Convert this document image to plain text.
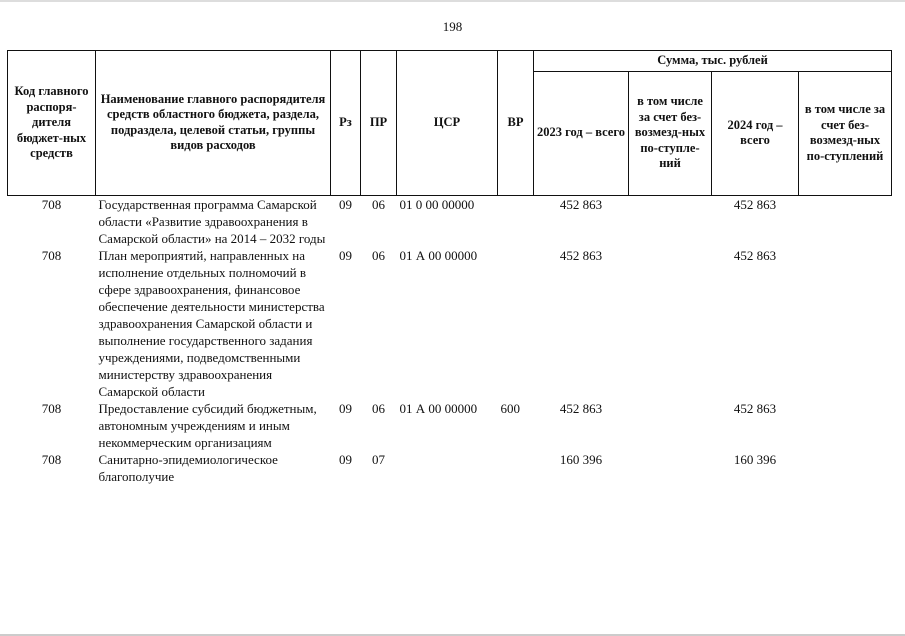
198
Код главного распоря-дителя бюджет-ных средств	Наименование главного распорядителя средств областного бюджета, раздела, подраздела, целевой статьи, группы видов расходов	Рз	ПР	ЦСР	ВР	Сумма, тыс. рублей			
						2023 год – всего	в том числе за счет без-возмезд-ных по-ступле-ний	2024 год – всего	в том числе за счет без-возмезд-ных по-ступлений
708	Государственная программа Самарской области «Развитие здравоохранения в Самарской области» на 2014 – 2032 годы	09	06	01 0 00 00000		452 863		452 863	
708	План мероприятий, направленных на исполнение отдельных полномочий в сфере здравоохранения, финансовое обеспечение деятельности министерства здравоохранения Самарской области и выполнение государственного задания учреждениями, подведомственными министерству здравоохранения Самарской области	09	06	01 А 00 00000		452 863		452 863	
708	Предоставление субсидий бюджетным, автономным учреждениям и иным некоммерческим организациям	09	06	01 А 00 00000	600	452 863		452 863	
708	Санитарно-эпидемиологическое благополучие	09	07			160 396		160 396	
